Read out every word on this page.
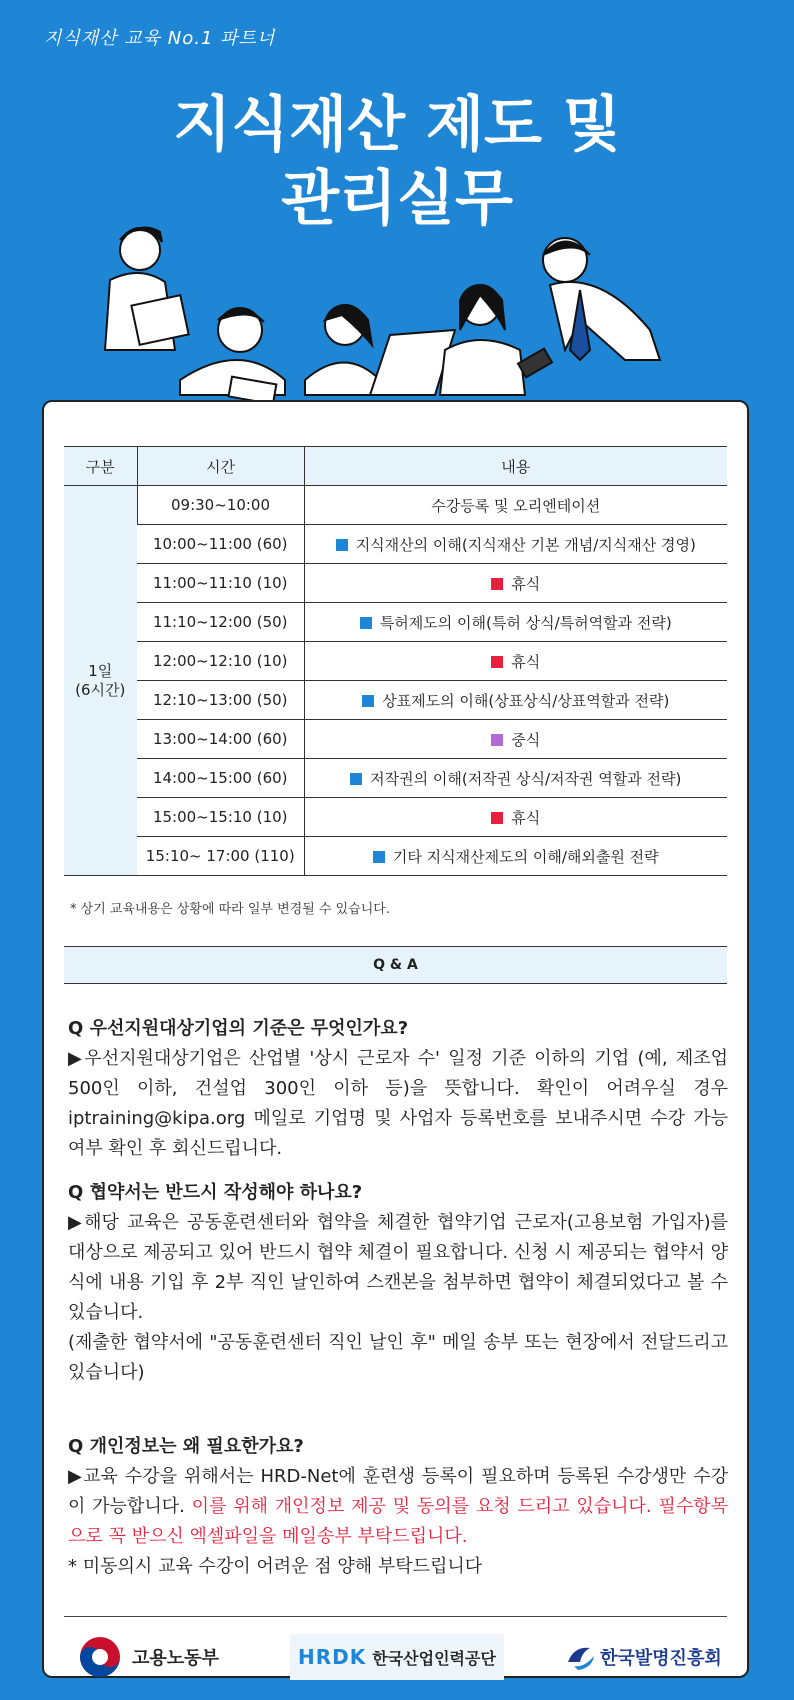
지식재산 교육 No.1 파트너
지식재산 제도 및
관리실무
구분	시간	내용

1일
(6시간)	09:30~10:00	수강등록 및 오리엔테이션
	10:00~11:00 (60)	지식재산의 이해(지식재산 기본 개념/지식재산 경영)
	11:00~11:10 (10)	휴식
	11:10~12:00 (50)	특허제도의 이해(특허 상식/특허역할과 전략)
	12:00~12:10 (10)	휴식
	12:10~13:00 (50)	상표제도의 이해(상표상식/상표역할과 전략)
	13:00~14:00 (60)	중식
	14:00~15:00 (60)	저작권의 이해(저작권 상식/저작권 역할과 전략)
	15:00~15:10 (10)	휴식
	15:10~ 17:00 (110)	기타 지식재산제도의 이해/해외출원 전략
* 상기 교육내용은 상황에 따라 일부 변경될 수 있습니다.
Q & A
Q 우선지원대상기업의 기준은 무엇인가요?
▶우선지원대상기업은 산업별 '상시 근로자 수' 일정 기준 이하의 기업 (예, 제조업 500인 이하, 건설업 300인 이하 등)을 뜻합니다. 확인이 어려우실 경우 iptraining@kipa.org 메일로 기업명 및 사업자 등록번호를 보내주시면 수강 가능 여부 확인 후 회신드립니다.
Q 협약서는 반드시 작성해야 하나요?
▶해당 교육은 공동훈련센터와 협약을 체결한 협약기업 근로자(고용보험 가입자)를 대상으로 제공되고 있어 반드시 협약 체결이 필요합니다. 신청 시 제공되는 협약서 양식에 내용 기입 후 2부 직인 날인하여 스캔본을 첨부하면 협약이 체결되었다고 볼 수 있습니다.
(제출한 협약서에 "공동훈련센터 직인 날인 후" 메일 송부 또는 현장에서 전달드리고 있습니다)
Q 개인정보는 왜 필요한가요?
▶교육 수강을 위해서는 HRD-Net에 훈련생 등록이 필요하며 등록된 수강생만 수강이 가능합니다. 이를 위해 개인정보 제공 및 동의를 요청 드리고 있습니다. 필수항목으로 꼭 받으신 엑셀파일을 메일송부 부탁드립니다.
* 미동의시 교육 수강이 어려운 점 양해 부탁드립니다
고용노동부	HRDK 한국산업인력공단	한국발명진흥회
